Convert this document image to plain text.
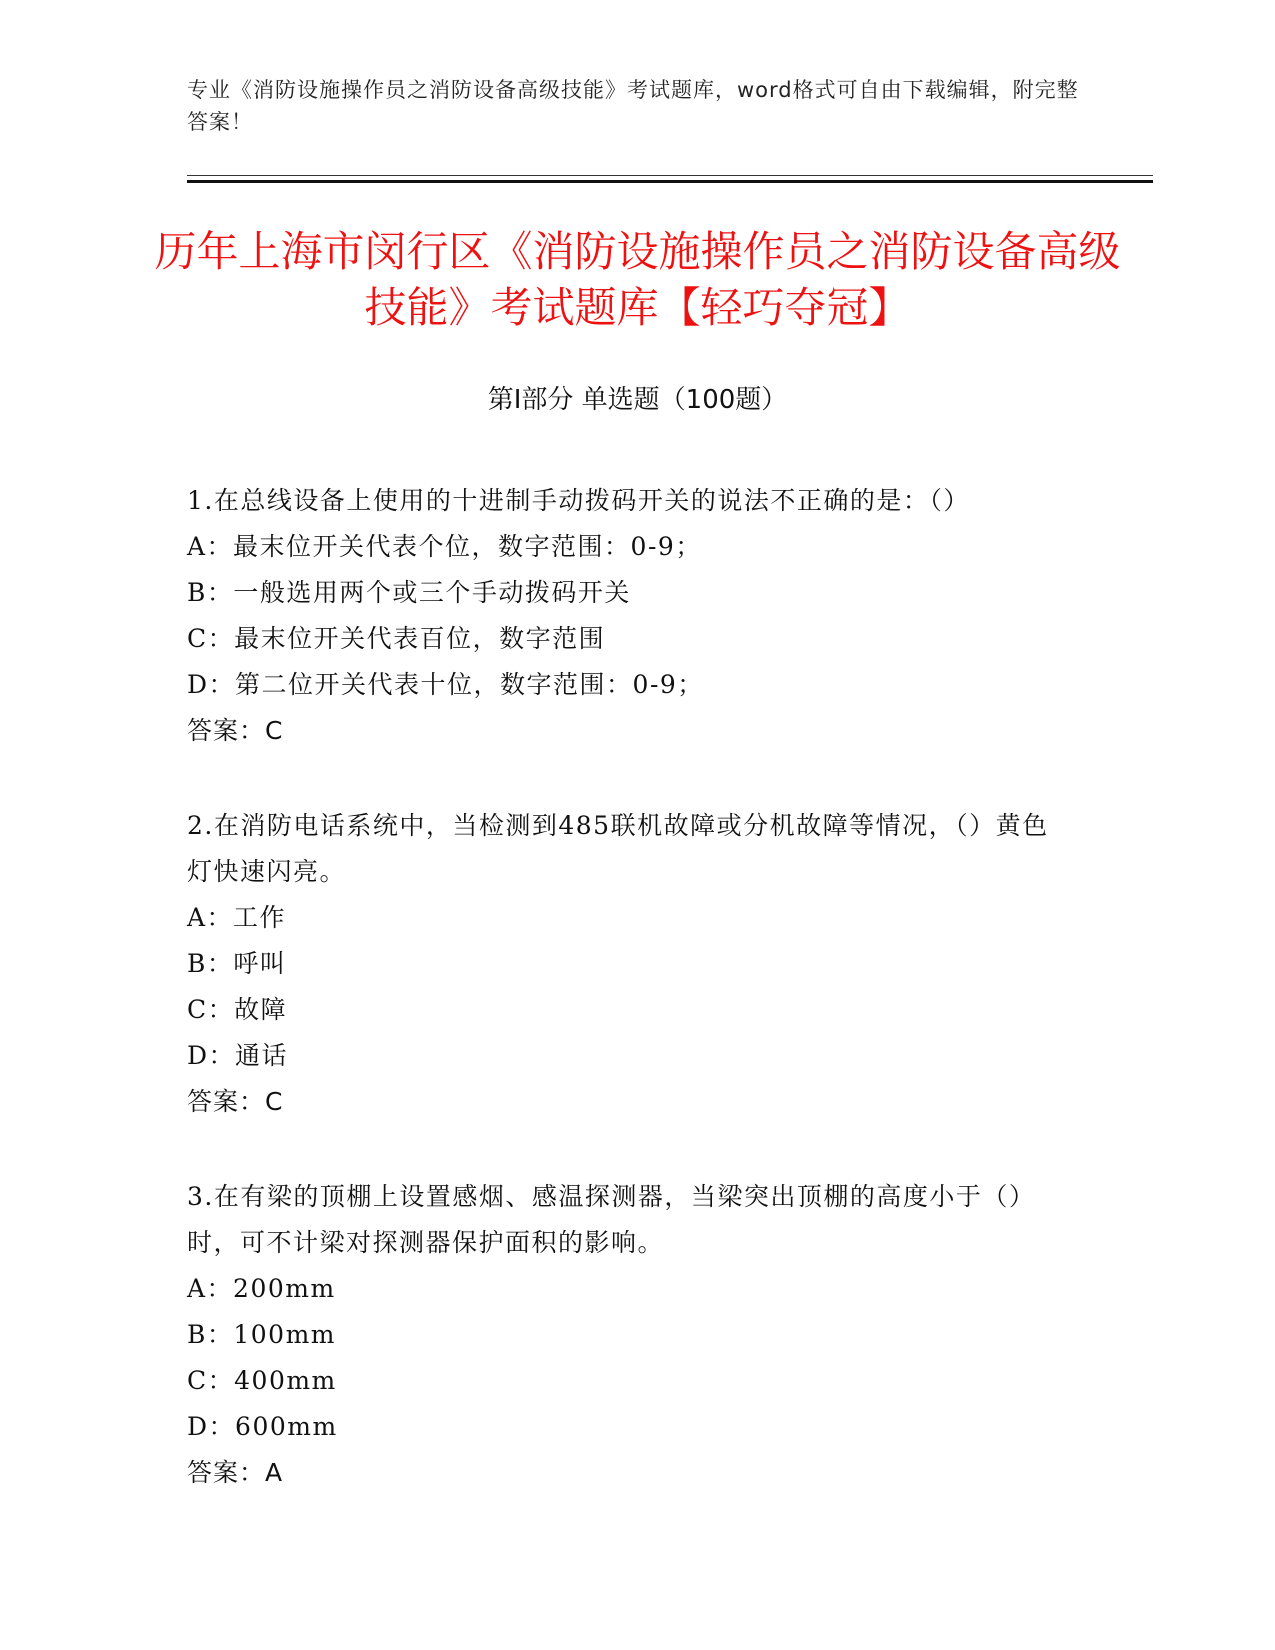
专业《消防设施操作员之消防设备高级技能》考试题库，word格式可自由下载编辑，附完整答案！
历年上海市闵行区《消防设施操作员之消防设备高级技能》考试题库【轻巧夺冠】
第Ⅰ部分 单选题（100题）
1.在总线设备上使用的十进制手动拨码开关的说法不正确的是：（）
A：最末位开关代表个位，数字范围：0-9；
B：一般选用两个或三个手动拨码开关
C：最末位开关代表百位，数字范围
D：第二位开关代表十位，数字范围：0-9；
答案：C
2.在消防电话系统中，当检测到485联机故障或分机故障等情况，（）黄色灯快速闪亮。
A：工作
B：呼叫
C：故障
D：通话
答案：C
3.在有梁的顶棚上设置感烟、感温探测器，当梁突出顶棚的高度小于（）时，可不计梁对探测器保护面积的影响。
A：200mm
B：100mm
C：400mm
D：600mm
答案：A
